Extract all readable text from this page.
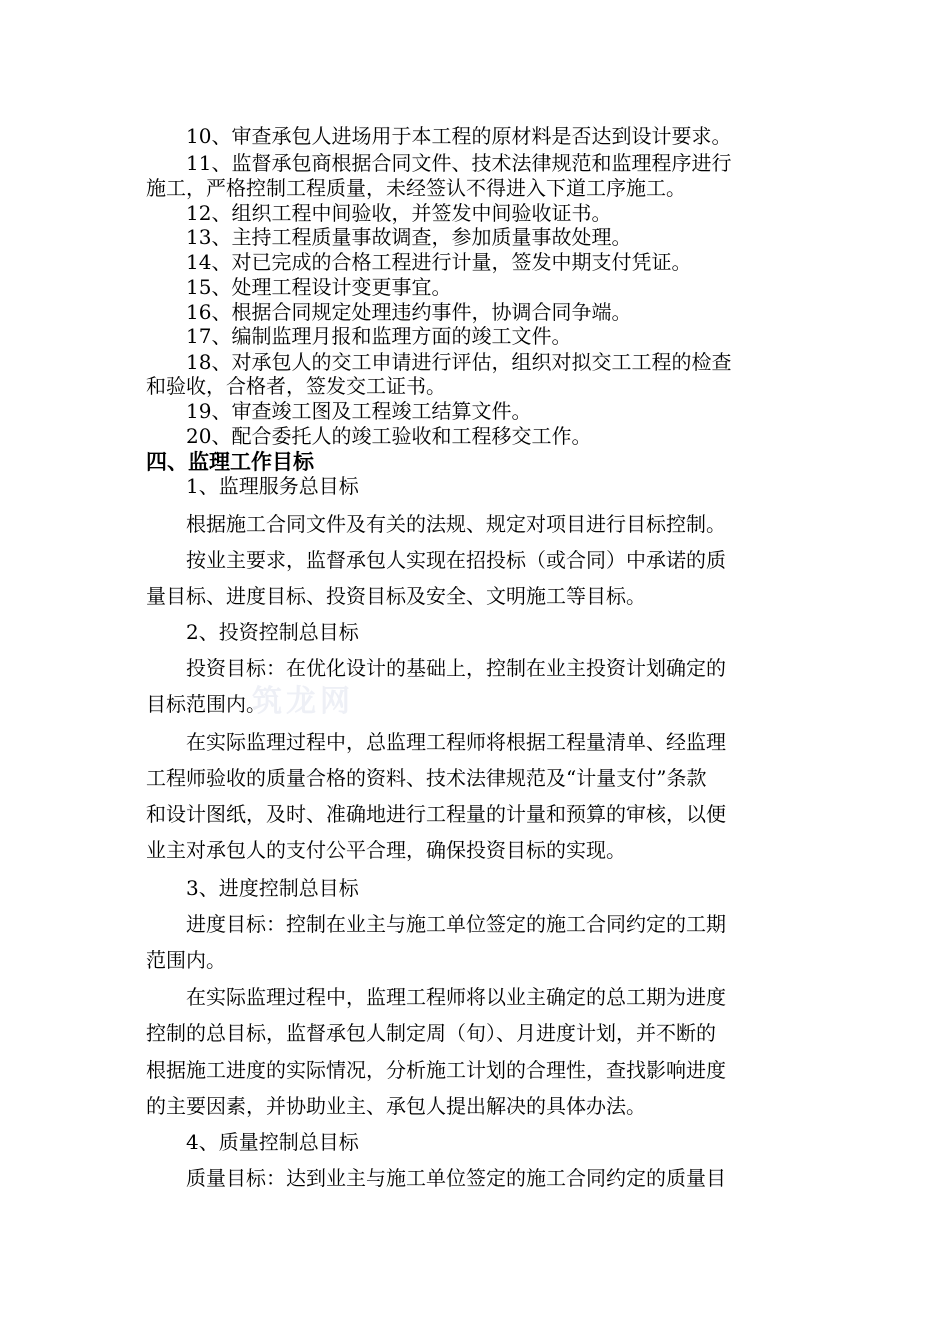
10、审查承包人进场用于本工程的原材料是否达到设计要求。

11、监督承包商根据合同文件、技术法律规范和监理程序进行

施工，严格控制工程质量，未经签认不得进入下道工序施工。

12、组织工程中间验收，并签发中间验收证书。

13、主持工程质量事故调查，参加质量事故处理。

14、对已完成的合格工程进行计量，签发中期支付凭证。

15、处理工程设计变更事宜。

16、根据合同规定处理违约事件，协调合同争端。

17、编制监理月报和监理方面的竣工文件。

18、对承包人的交工申请进行评估，组织对拟交工工程的检查

和验收，合格者，签发交工证书。

19、审查竣工图及工程竣工结算文件。

20、配合委托人的竣工验收和工程移交工作。

四、监理工作目标

1、监理服务总目标

根据施工合同文件及有关的法规、规定对项目进行目标控制。

按业主要求，监督承包人实现在招投标（或合同）中承诺的质

量目标、进度目标、投资目标及安全、文明施工等目标。

2、投资控制总目标

投资目标：在优化设计的基础上，控制在业主投资计划确定的

目标范围内。

在实际监理过程中，总监理工程师将根据工程量清单、经监理

工程师验收的质量合格的资料、技术法律规范及“计量支付”条款

和设计图纸，及时、准确地进行工程量的计量和预算的审核，以便

业主对承包人的支付公平合理，确保投资目标的实现。

3、进度控制总目标

进度目标：控制在业主与施工单位签定的施工合同约定的工期

范围内。

在实际监理过程中，监理工程师将以业主确定的总工期为进度

控制的总目标，监督承包人制定周（旬）、月进度计划，并不断的

根据施工进度的实际情况，分析施工计划的合理性，查找影响进度

的主要因素，并协助业主、承包人提出解决的具体办法。

4、质量控制总目标

质量目标：达到业主与施工单位签定的施工合同约定的质量目

筑龙网
